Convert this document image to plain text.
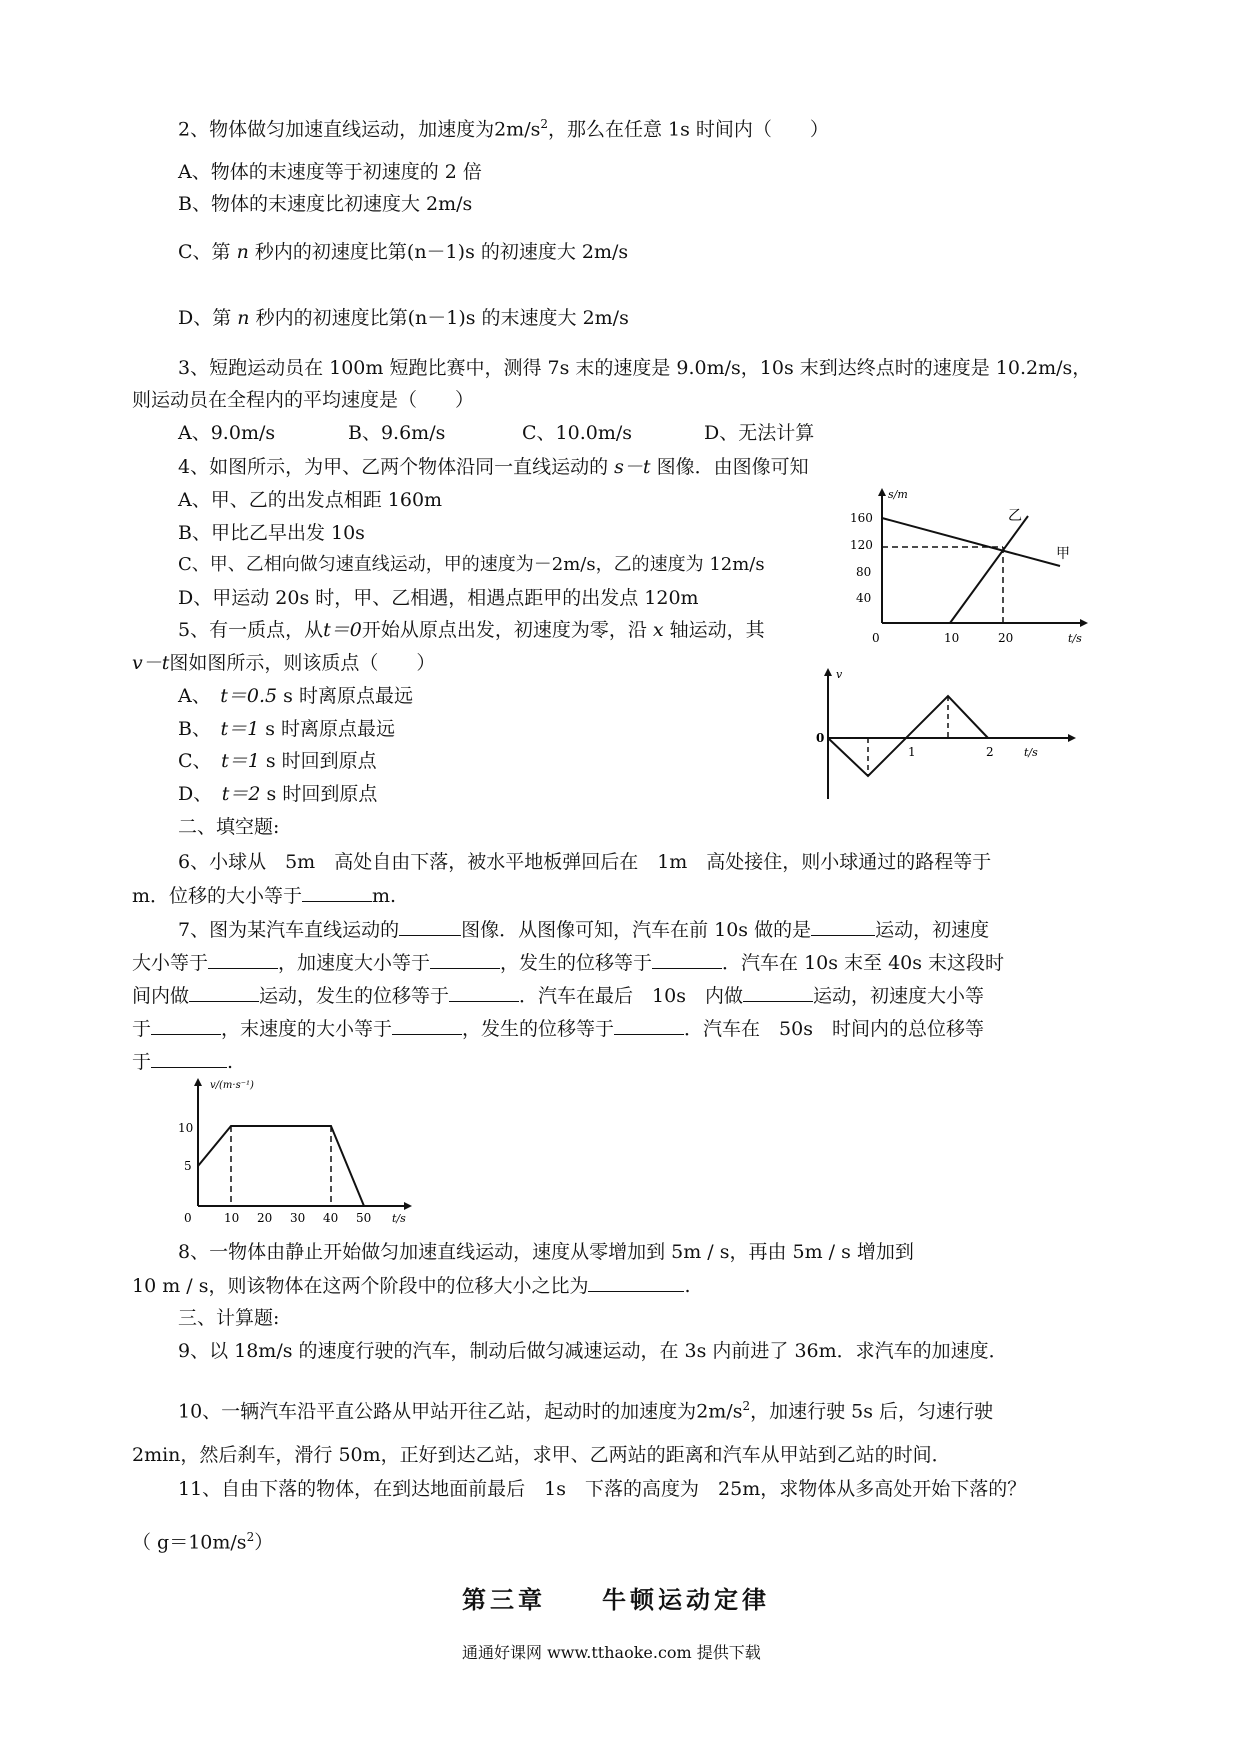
2、物体做匀加速直线运动，加速度为$2m/s^2$，那么在任意 1s 时间内（　　）
A、物体的末速度等于初速度的 2 倍
B、物体的末速度比初速度大 2m/s
C、第 n 秒内的初速度比第(n－1)s 的初速度大 2m/s
D、第 n 秒内的初速度比第(n－1)s 的末速度大 2m/s
3、短跑运动员在 100m 短跑比赛中，测得 7s 末的速度是 9.0m/s，10s 末到达终点时的速度是 10.2m/s，
则运动员在全程内的平均速度是（　　）
A、9.0m/s	B、9.6m/s	C、10.0m/s	D、无法计算
4、如图所示，为甲、乙两个物体沿同一直线运动的 s－t 图像．由图像可知
A、甲、乙的出发点相距 160m
B、甲比乙早出发 10s
C、甲、乙相向做匀速直线运动，甲的速度为－2m/s，乙的速度为 12m/s
D、甲运动 20s 时，甲、乙相遇，相遇点距甲的出发点 120m
s/m
t/s
0
160
120
80
40
10	20
乙
甲
5、有一质点，从t＝0开始从原点出发，初速度为零，沿 x 轴运动，其
v－t图如图所示，则该质点（　　）
A、　 t＝0.5 s 时离原点最远
B、　 t＝1 s 时离原点最远
C、　 t＝1 s 时回到原点
D、　 t＝2 s 时回到原点
v
0
1	2	t/s
二、填空题:
6、小球从　5m　高处自由下落，被水平地板弹回后在　1m　高处接住，则小球通过的路程等于
m．位移的大小等于	m.
7、图为某汽车直线运动的	图像．从图像可知，汽车在前 10s 做的是	运动，初速度
大小等于	，加速度大小等于	，发生的位移等于	．汽车在 10s 末至 40s 末这段时
间内做	运动，发生的位移等于	．汽车在最后　10s　内做	运动，初速度大小等
于	，末速度的大小等于	，发生的位移等于	．汽车在　50s　时间内的总位移等
于	.
v/(m·s⁻¹)
10
5
0	10 20 30 40 50 t/s
8、一物体由静止开始做匀加速直线运动，速度从零增加到 5m / s，再由 5m / s 增加到
10 m / s，则该物体在这两个阶段中的位移大小之比为	.
三、计算题:
9、以 18m/s 的速度行驶的汽车，制动后做匀减速运动，在 3s 内前进了 36m．求汽车的加速度．
10、一辆汽车沿平直公路从甲站开往乙站，起动时的加速度为$2m/s^2$，加速行驶 5s 后，匀速行驶
2min，然后刹车，滑行 50m，正好到达乙站，求甲、乙两站的距离和汽车从甲站到乙站的时间．
11、自由下落的物体，在到达地面前最后　1s　下落的高度为　25m，求物体从多高处开始下落的？
（ $g=10m/s^2$）
第三章　　牛顿运动定律
通通好课网 www.tthaoke.com 提供下载
